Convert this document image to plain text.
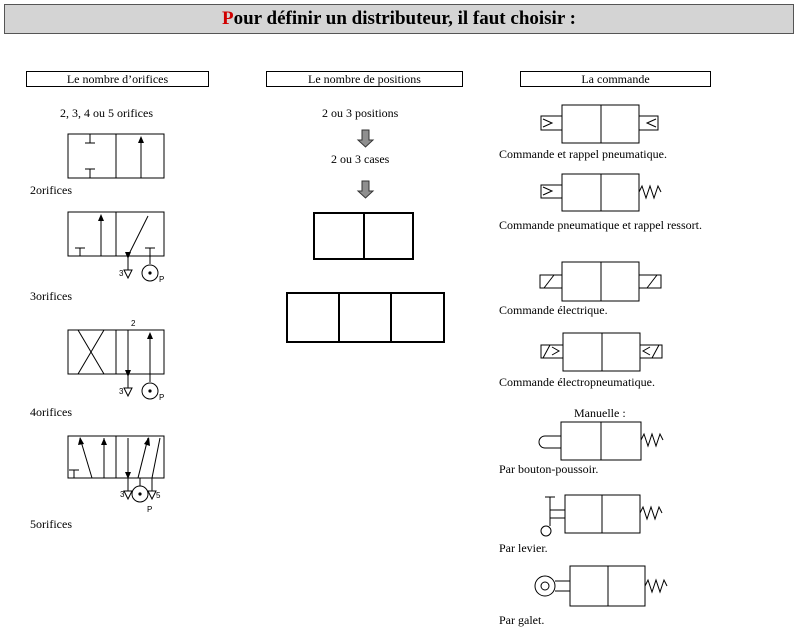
Pour définir un distributeur, il faut choisir :
Le nombre d’orifices
2, 3, 4 ou 5 orifices
2orifices
3
P
3orifices
2
3
P
4orifices
3	5
P
5orifices
Le nombre de positions
2 ou 3 positions
2 ou 3 cases
La commande
Commande et rappel pneumatique.
Commande pneumatique et rappel ressort.
Commande électrique.
Commande électropneumatique.
Manuelle :
Par bouton-poussoir.
Par levier.
Par galet.
